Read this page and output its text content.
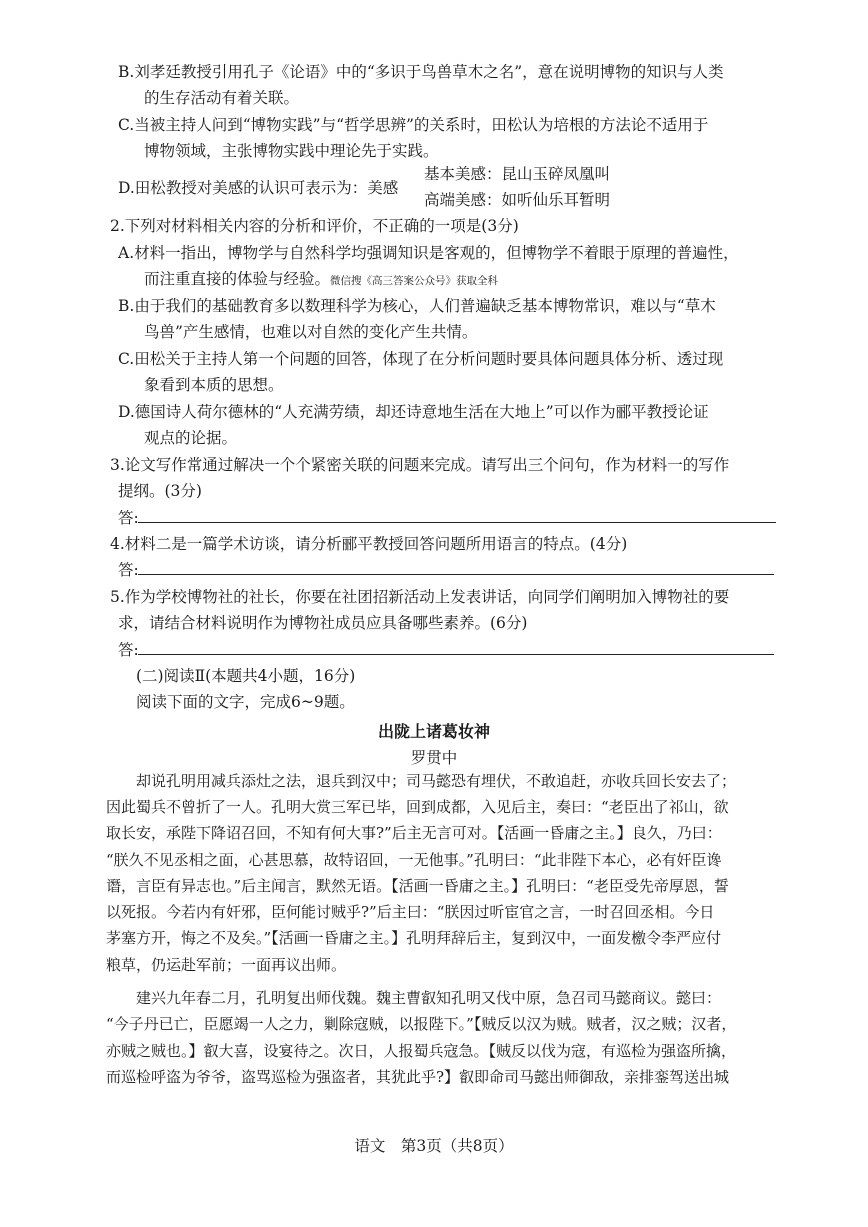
B.刘孝廷教授引用孔子《论语》中的“多识于鸟兽草木之名”，意在说明博物的知识与人类
的生存活动有着关联。
C.当被主持人问到“博物实践”与“哲学思辨”的关系时，田松认为培根的方法论不适用于
博物领域，主张博物实践中理论先于实践。
D.田松教授对美感的认识可表示为：美感
基本美感：昆山玉碎凤凰叫
高端美感：如听仙乐耳暂明
2.下列对材料相关内容的分析和评价，不正确的一项是(3分)
A.材料一指出，博物学与自然科学均强调知识是客观的，但博物学不着眼于原理的普遍性，
而注重直接的体验与经验。微信搜《高三答案公众号》获取全科
B.由于我们的基础教育多以数理科学为核心，人们普遍缺乏基本博物常识，难以与“草木
鸟兽”产生感情，也难以对自然的变化产生共情。
C.田松关于主持人第一个问题的回答，体现了在分析问题时要具体问题具体分析、透过现
象看到本质的思想。
D.德国诗人荷尔德林的“人充满劳绩，却还诗意地生活在大地上”可以作为郦平教授论证
观点的论据。
3.论文写作常通过解决一个个紧密关联的问题来完成。请写出三个问句，作为材料一的写作
提纲。(3分)
答:
4.材料二是一篇学术访谈，请分析郦平教授回答问题所用语言的特点。(4分)
答:
5.作为学校博物社的社长，你要在社团招新活动上发表讲话，向同学们阐明加入博物社的要
求，请结合材料说明作为博物社成员应具备哪些素养。(6分)
答:
(二)阅读Ⅱ(本题共4小题，16分)
阅读下面的文字，完成6~9题。
出陇上诸葛妆神
罗贯中
却说孔明用减兵添灶之法，退兵到汉中；司马懿恐有埋伏，不敢追赶，亦收兵回长安去了；
因此蜀兵不曾折了一人。孔明大赏三军已毕，回到成都，入见后主，奏曰：“老臣出了祁山，欲
取长安，承陛下降诏召回，不知有何大事?”后主无言可对。【活画一昏庸之主。】良久，乃曰：
“朕久不见丞相之面，心甚思慕，故特诏回，一无他事。”孔明曰：“此非陛下本心，必有奸臣谗
谮，言臣有异志也。”后主闻言，默然无语。【活画一昏庸之主。】孔明曰：“老臣受先帝厚恩，誓
以死报。今若内有奸邪，臣何能讨贼乎?”后主曰：“朕因过听宦官之言，一时召回丞相。今日
茅塞方开，悔之不及矣。”【活画一昏庸之主。】孔明拜辞后主，复到汉中，一面发檄令李严应付
粮草，仍运赴军前；一面再议出师。
建兴九年春二月，孔明复出师伐魏。魏主曹叡知孔明又伐中原，急召司马懿商议。懿曰：
“今子丹已亡，臣愿竭一人之力，剿除寇贼，以报陛下。”【贼反以汉为贼。贼者，汉之贼；汉者，
亦贼之贼也。】叡大喜，设宴待之。次日，人报蜀兵寇急。【贼反以伐为寇，有巡检为强盗所擒，
而巡检呼盗为爷爷，盗骂巡检为强盗者，其犹此乎?】叡即命司马懿出师御敌，亲排銮驾送出城
语文　第3页（共8页）
